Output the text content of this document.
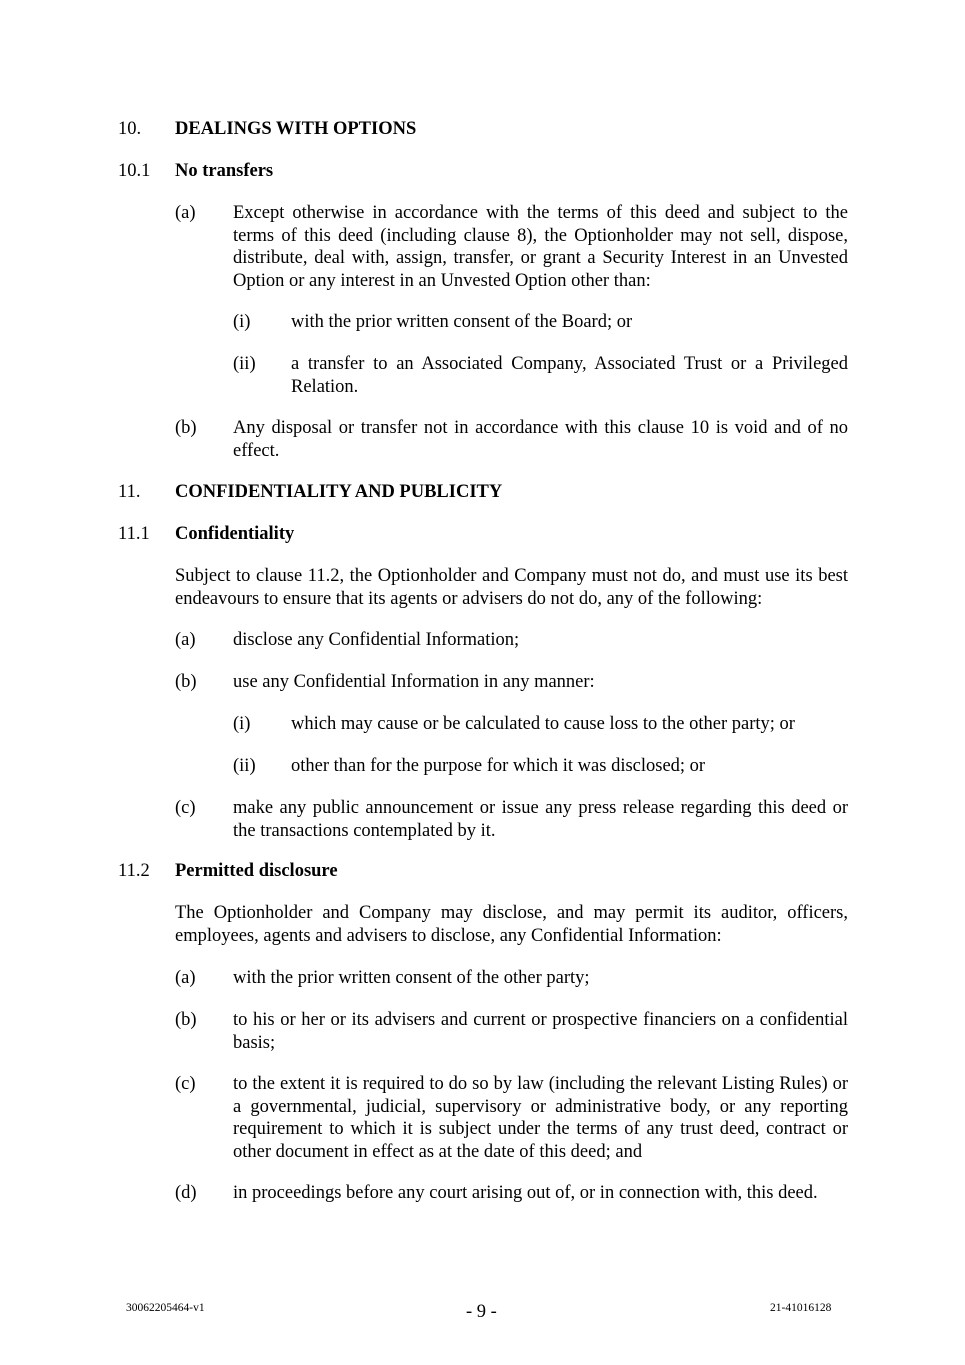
10. DEALINGS WITH OPTIONS
10.1 No transfers
(a) Except otherwise in accordance with the terms of this deed and subject to the terms of this deed (including clause 8), the Optionholder may not sell, dispose, distribute, deal with, assign, transfer, or grant a Security Interest in an Unvested Option or any interest in an Unvested Option other than:
(i) with the prior written consent of the Board; or
(ii) a transfer to an Associated Company, Associated Trust or a Privileged Relation.
(b) Any disposal or transfer not in accordance with this clause 10 is void and of no effect.
11. CONFIDENTIALITY AND PUBLICITY
11.1 Confidentiality
Subject to clause 11.2, the Optionholder and Company must not do, and must use its best endeavours to ensure that its agents or advisers do not do, any of the following:
(a) disclose any Confidential Information;
(b) use any Confidential Information in any manner:
(i) which may cause or be calculated to cause loss to the other party; or
(ii) other than for the purpose for which it was disclosed; or
(c) make any public announcement or issue any press release regarding this deed or the transactions contemplated by it.
11.2 Permitted disclosure
The Optionholder and Company may disclose, and may permit its auditor, officers, employees, agents and advisers to disclose, any Confidential Information:
(a) with the prior written consent of the other party;
(b) to his or her or its advisers and current or prospective financiers on a confidential basis;
(c) to the extent it is required to do so by law (including the relevant Listing Rules) or a governmental, judicial, supervisory or administrative body, or any reporting requirement to which it is subject under the terms of any trust deed, contract or other document in effect as at the date of this deed; and
(d) in proceedings before any court arising out of, or in connection with, this deed.
30062205464-v1	- 9 -	21-41016128
